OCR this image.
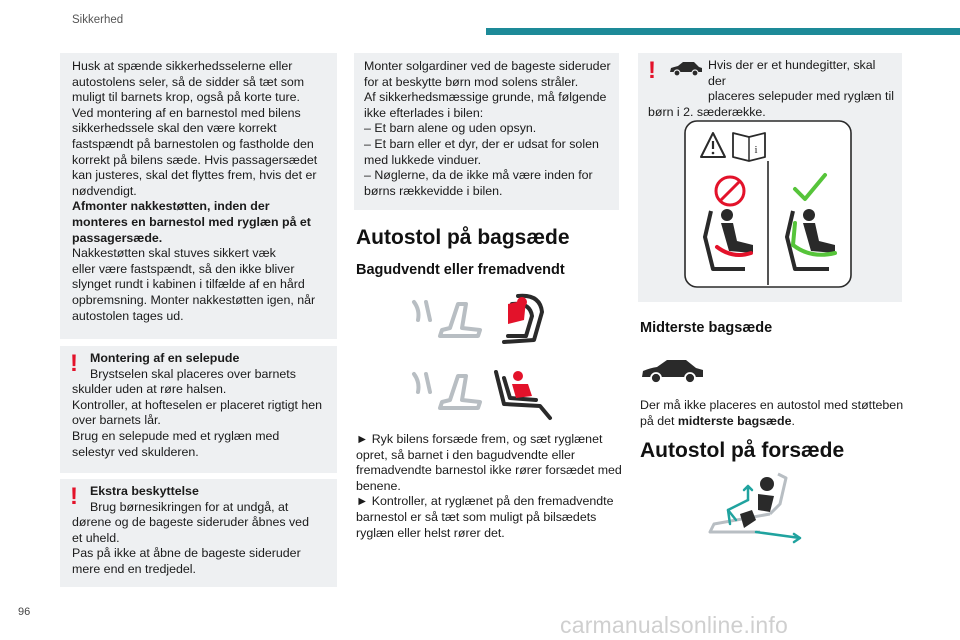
Sikkerhed

Husk at spænde sikkerhedsselerne eller

autostolens seler, så de sidder så tæt som

muligt til barnets krop, også på korte ture.

Ved montering af en barnestol med bilens

sikkerhedssele skal den være korrekt

fastspændt på barnestolen og fastholde den

korrekt på bilens sæde. Hvis passagersædet

kan justeres, skal det flyttes frem, hvis det er

nødvendigt.

Afmonter nakkestøtten, inden der

monteres en barnestol med ryglæn på et

passagersæde.

Nakkestøtten skal stuves sikkert væk

eller være fastspændt, så den ikke bliver

slynget rundt i kabinen i tilfælde af en hård

opbremsning. Monter nakkestøtten igen, når

autostolen tages ud.

! Montering af en selepude

Brystselen skal placeres over barnets

skulder uden at røre halsen.

Kontroller, at hofteselen er placeret rigtigt hen

over barnets lår.

Brug en selepude med et ryglæn med

selestyr ved skulderen.

! Ekstra beskyttelse

Brug børnesikringen for at undgå, at

dørene og de bageste sideruder åbnes ved

et uheld.

Pas på ikke at åbne de bageste sideruder

mere end en tredjedel.

Monter solgardiner ved de bageste sideruder

for at beskytte børn mod solens stråler.

Af sikkerhedsmæssige grunde, må følgende

ikke efterlades i bilen:

– Et barn alene og uden opsyn.

– Et barn eller et dyr, der er udsat for solen

med lukkede vinduer.

– Nøglerne, da de ikke må være inden for

børns rækkevidde i bilen.

Autostol på bagsæde
Bagudvendt eller fremadvendt

► Ryk bilens forsæde frem, og sæt ryglænet

opret, så barnet i den bagudvendte eller

fremadvendte barnestol ikke rører forsædet med

benene.

► Kontroller, at ryglænet på den fremadvendte

barnestol er så tæt som muligt på bilsædets

ryglæn eller helst rører det.

!	Hvis der er et hundegitter, skal der

placeres selepuder med ryglæn til

børn i 2. sæderække.

i
Midterste bagsæde

Der må ikke placeres en autostol med støtteben

på det midterste bagsæde.

Autostol på forsæde
96	carmanualsonline.info
